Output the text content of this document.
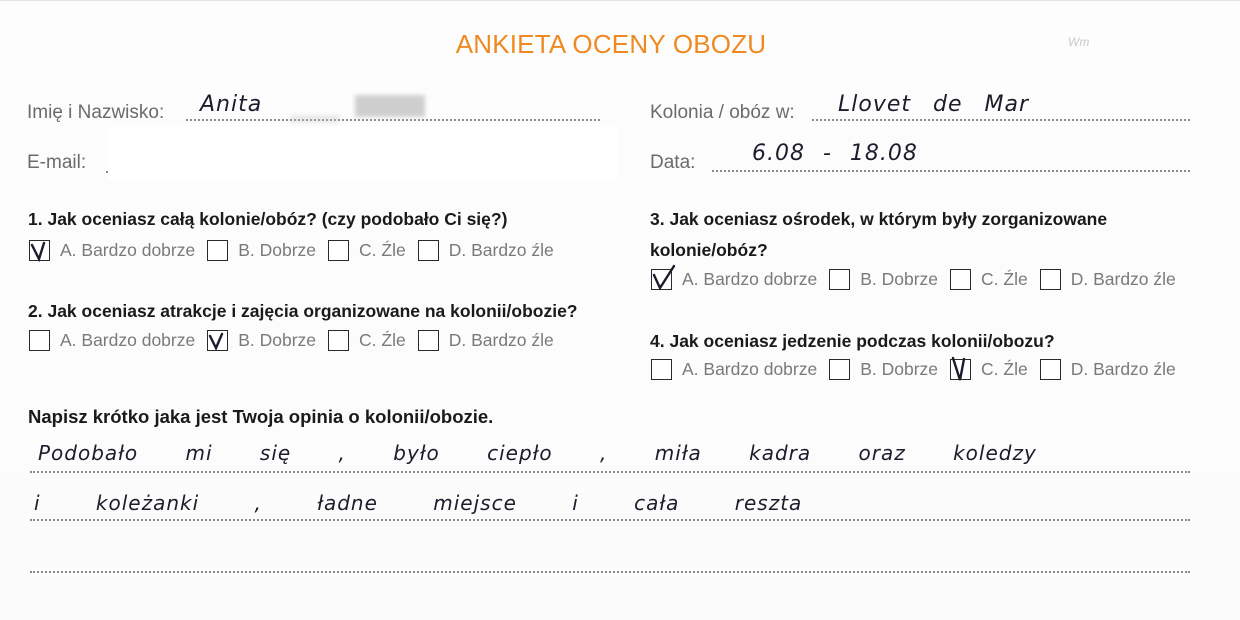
ANKIETA OCENY OBOZU	Wm
Imię i Nazwisko: Anita
E-mail:
Kolonia / obóz w: Llovet de Mar
Data:	6.08 - 18.08
1. Jak oceniasz całą kolonie/obóz? (czy podobało Ci się?)
A. Bardzo dobrze B. Dobrze C. Źle D. Bardzo źle
2. Jak oceniasz atrakcje i zajęcia organizowane na kolonii/obozie?
A. Bardzo dobrze B. Dobrze C. Źle D. Bardzo źle
3. Jak oceniasz ośrodek, w którym były zorganizowane
kolonie/obóz?
A. Bardzo dobrze B. Dobrze C. Źle D. Bardzo źle
4. Jak oceniasz jedzenie podczas kolonii/obozu?
A. Bardzo dobrze B. Dobrze C. Źle D. Bardzo źle
Napisz krótko jaka jest Twoja opinia o kolonii/obozie.
Podobało mi się , było ciepło , miła kadra oraz koledzy
i koleżanki , ładne miejsce i cała reszta
